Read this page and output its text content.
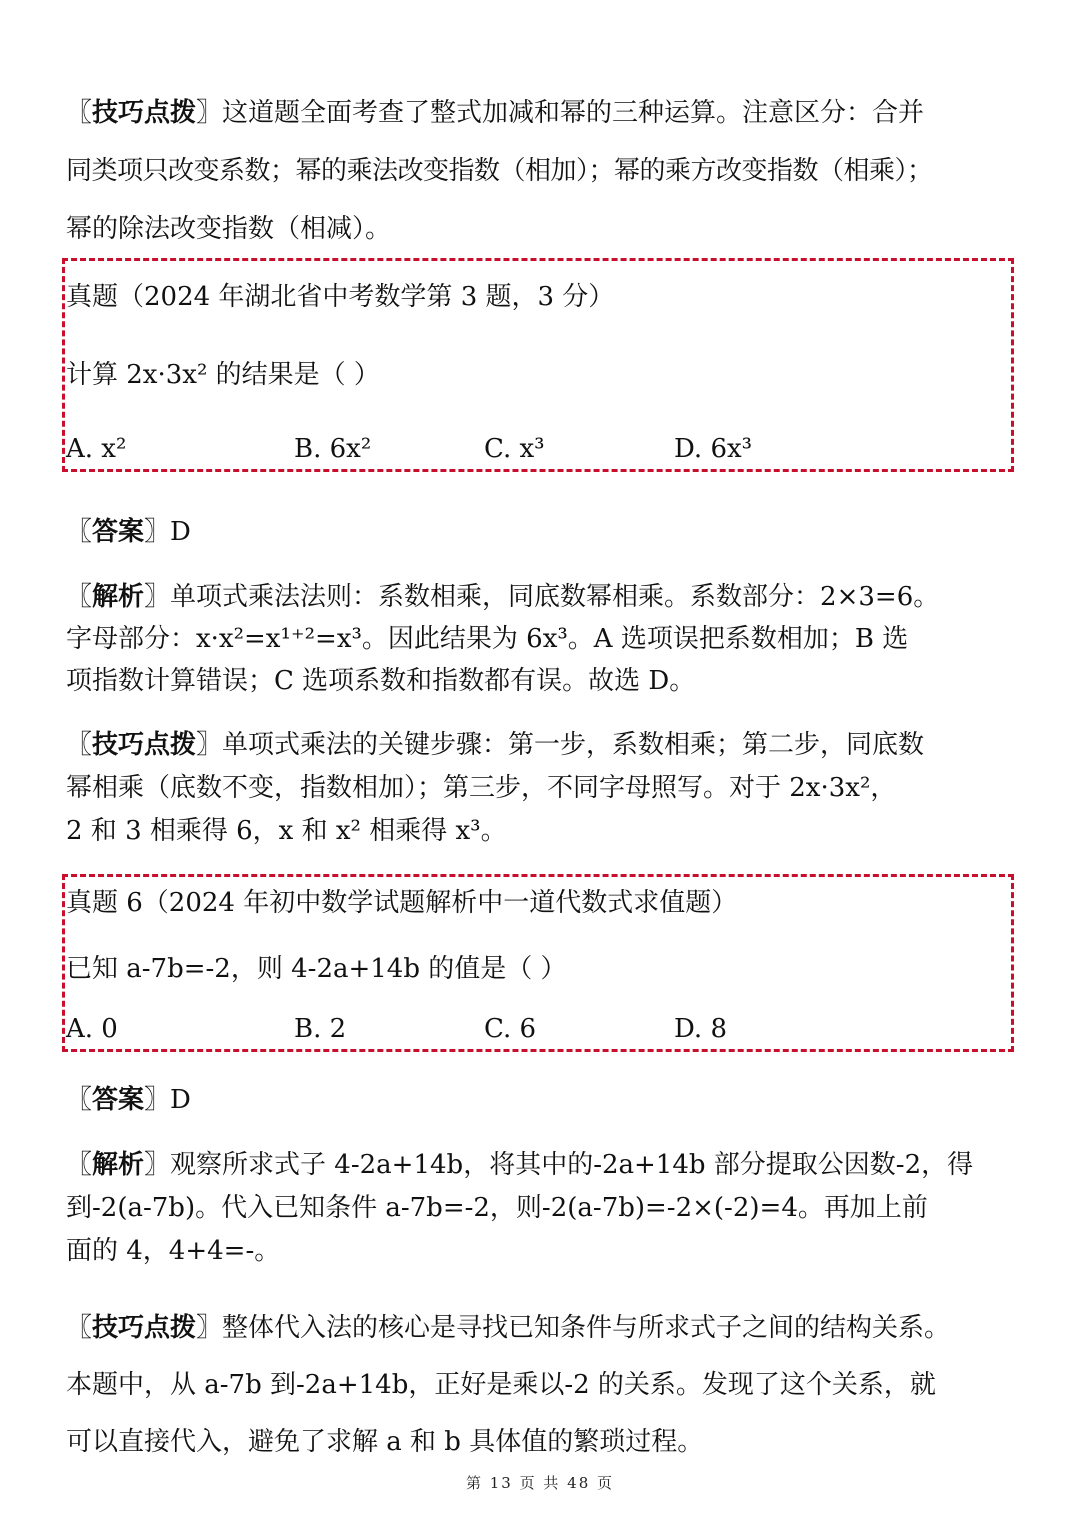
〖技巧点拨〗这道题全面考查了整式加减和幂的三种运算。注意区分：合并
同类项只改变系数；幂的乘法改变指数（相加）；幂的乘方改变指数（相乘）；
幂的除法改变指数（相减）。
真题（2024 年湖北省中考数学第 3 题，3 分）
计算 2x·3x² 的结果是（ ）
A. x²	B. 6x²	C. x³	D. 6x³
〖答案〗D
〖解析〗单项式乘法法则：系数相乘，同底数幂相乘。系数部分：2×3=6。
字母部分：x·x²=x¹⁺²=x³。因此结果为 6x³。A 选项误把系数相加；B 选
项指数计算错误；C 选项系数和指数都有误。故选 D。
〖技巧点拨〗单项式乘法的关键步骤：第一步，系数相乘；第二步，同底数
幂相乘（底数不变，指数相加）；第三步，不同字母照写。对于 2x·3x²，
2 和 3 相乘得 6，x 和 x² 相乘得 x³。
真题 6（2024 年初中数学试题解析中一道代数式求值题）
已知 a-7b=-2，则 4-2a+14b 的值是（ ）
A. 0	B. 2	C. 6	D. 8
〖答案〗D
〖解析〗观察所求式子 4-2a+14b，将其中的-2a+14b 部分提取公因数-2，得
到-2(a-7b)。代入已知条件 a-7b=-2，则-2(a-7b)=-2×(-2)=4。再加上前
面的 4，4+4=-。
〖技巧点拨〗整体代入法的核心是寻找已知条件与所求式子之间的结构关系。
本题中，从 a-7b 到-2a+14b，正好是乘以-2 的关系。发现了这个关系，就
可以直接代入，避免了求解 a 和 b 具体值的繁琐过程。
第 13 页 共 48 页
